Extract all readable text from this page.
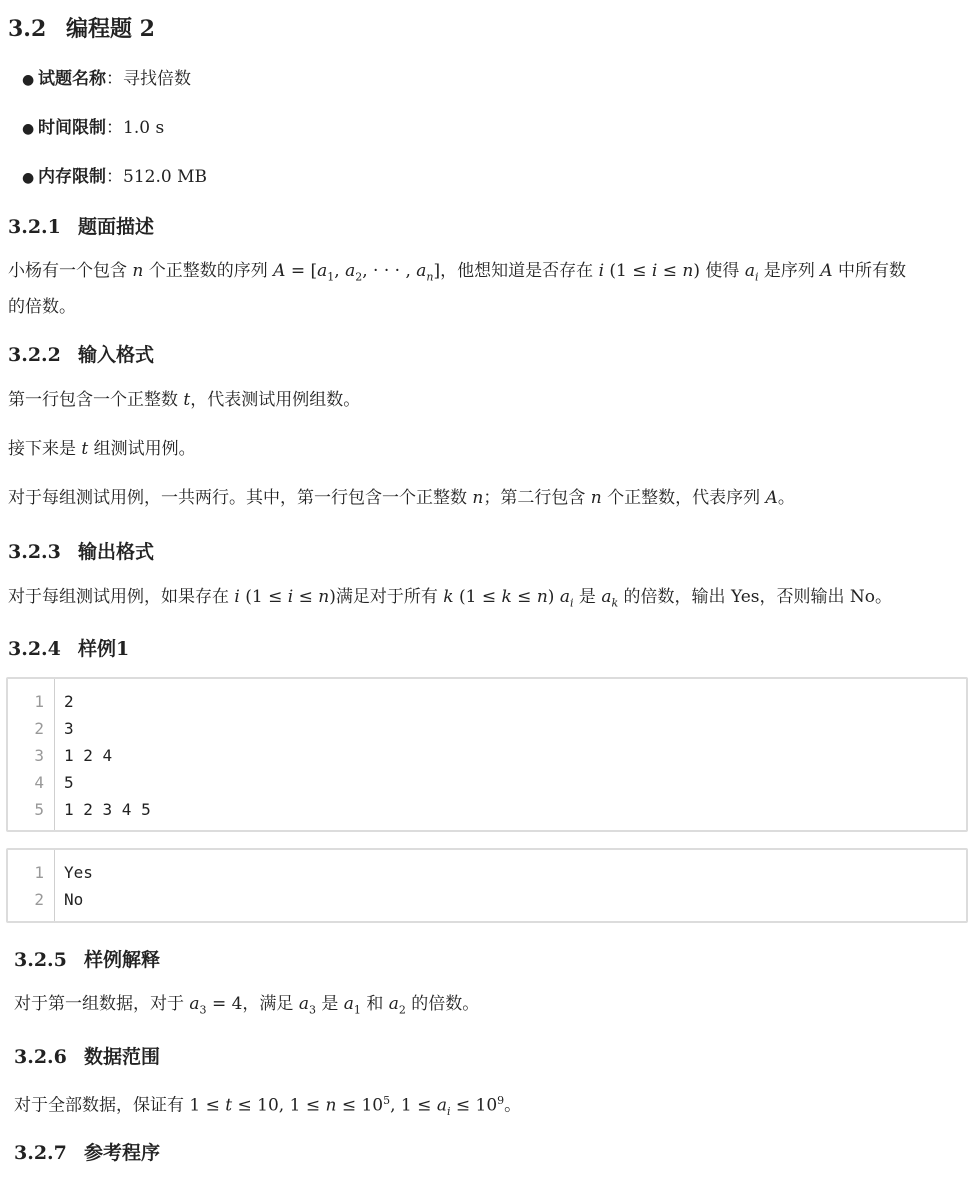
3.2 编程题 2
● 试题名称：寻找倍数
● 时间限制：1.0 s
● 内存限制：512.0 MB
3.2.1 题面描述
小杨有一个包含 n 个正整数的序列 $A = [a_1$, $a_2$, · · · , $a_n$]，他想知道是否存在 i (1 ≤ i ≤ n) 使得 $a_i$ 是序列 A 中所有数
的倍数。
3.2.2 输入格式
第一行包含一个正整数 t，代表测试用例组数。
接下来是 t 组测试用例。
对于每组测试用例，一共两行。其中，第一行包含一个正整数 n；第二行包含 n 个正整数，代表序列 A。
3.2.3 输出格式
对于每组测试用例，如果存在 i (1 ≤ i ≤ n)满足对于所有 k (1 ≤ k ≤ n) $a_i$ 是 $a_k$ 的倍数，输出 Yes，否则输出 No。
3.2.4 样例1
1 2
2 3
3 1 2 4
4 5
5 1 2 3 4 5
1 Yes
2 No
3.2.5 样例解释
对于第一组数据，对于 $a_3 = 4$，满足 $a_3$ 是 $a_1$ 和 $a_2$ 的倍数。
3.2.6 数据范围
对于全部数据，保证有 1 ≤ t ≤ 10, $1 \le n \le 10^5$, $1 \le a_i \le 10^9$。
3.2.7 参考程序
